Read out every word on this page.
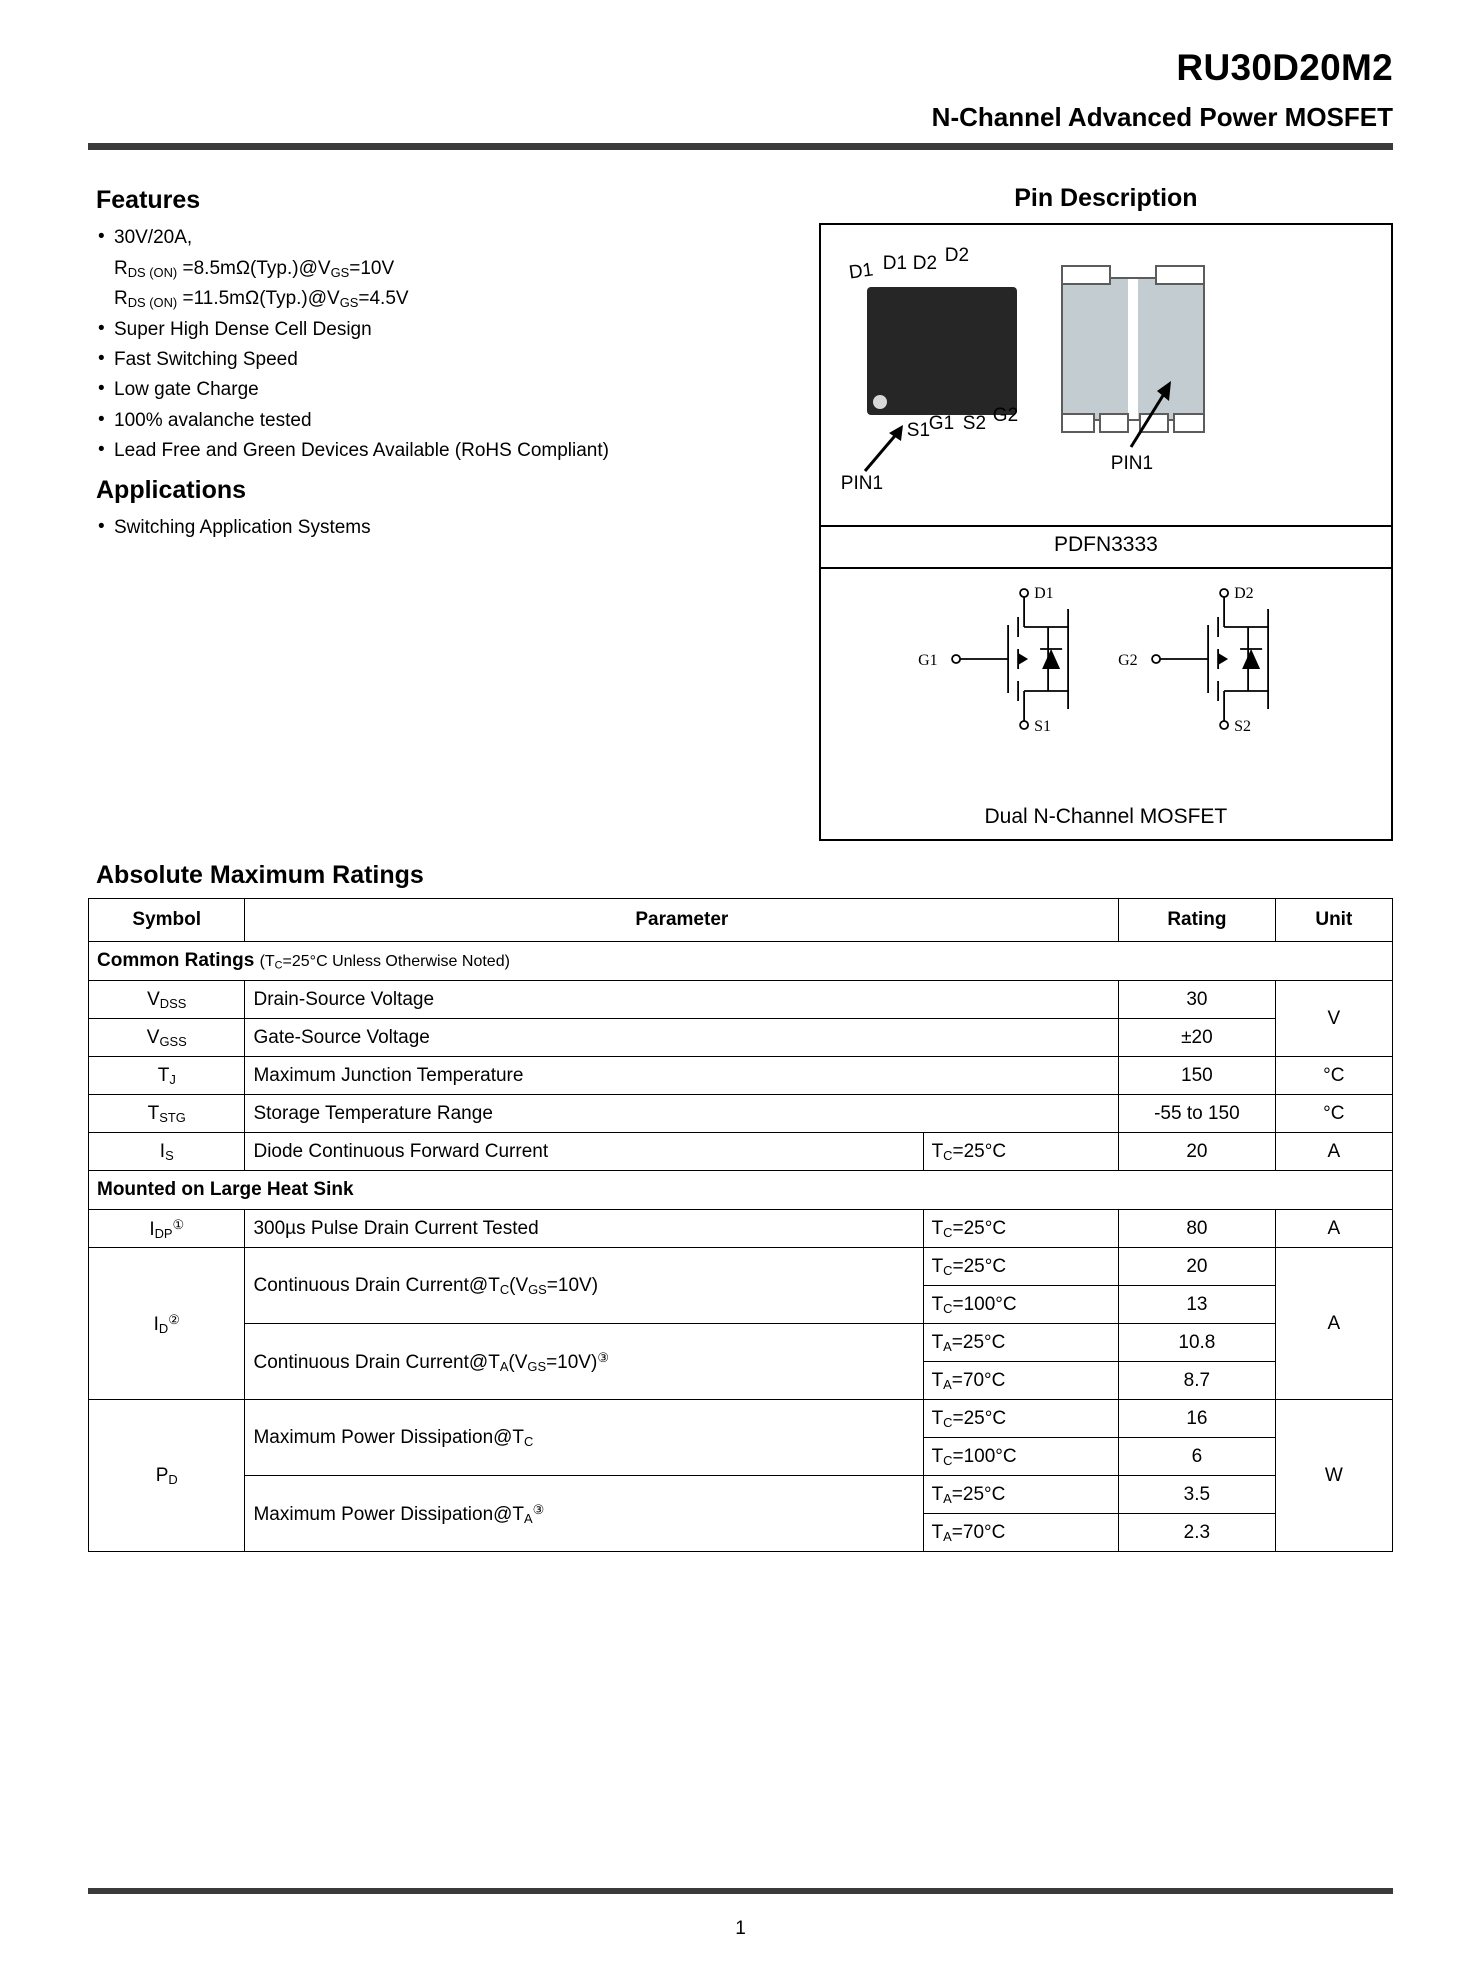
RU30D20M2
N-Channel Advanced Power MOSFET
Features
• 30V/20A,
$R_{DS (ON)}$ $=8.5m\Omega(Typ.)@V_{GS}=10V$
$R_{DS (ON)}$ $=11.5m\Omega(Typ.)@V_{GS}=4.5V$
• Super High Dense Cell Design
• Fast Switching Speed
• Low gate Charge
• 100% avalanche tested
• Lead Free and Green Devices Available (RoHS Compliant)
Applications
• Switching Application Systems
Pin Description
D1 D1 D2 D2
S1
G1 S2 G2
PIN1
PIN1
PDFN3333
D1	D2
G1	G2
S1	S2
Dual N-Channel MOSFET
Absolute Maximum Ratings
Symbol	Parameter		Rating	Unit
Common Ratings ($T_C=25^\circ C$ Unless Otherwise Noted)				
$V_{DSS}$	Drain-Source Voltage		30	V
$V_{GSS}$	Gate-Source Voltage		±20	
$T_J$	Maximum Junction Temperature		150	°C
$T_{STG}$	Storage Temperature Range		-55 to 150	°C
$I_S$	Diode Continuous Forward Current	$T_C=25^\circ C$	20	A
Mounted on Large Heat Sink				
$I_{DP}^①$	300µs Pulse Drain Current Tested	$T_C=25^\circ C$	80	A
$I_D^②$	Continuous Drain $Current@T_C(V_{GS}=10V)$	$T_C=25^\circ C$	20	A
		$T_C=100^\circ C$	13	
	Continuous Drain $Current@T_A(V_{GS}=10V)^③$	$T_A=25^\circ C$	10.8	
		$T_A=70^\circ C$	8.7	
$P_D$	Maximum Power $Dissipation@T_C$	$T_C=25^\circ C$	16	W
		$T_C=100^\circ C$	6	
	Maximum Power $Dissipation@T_A^③$	$T_A=25^\circ C$	3.5	
		$T_A=70^\circ C$	2.3	
1
